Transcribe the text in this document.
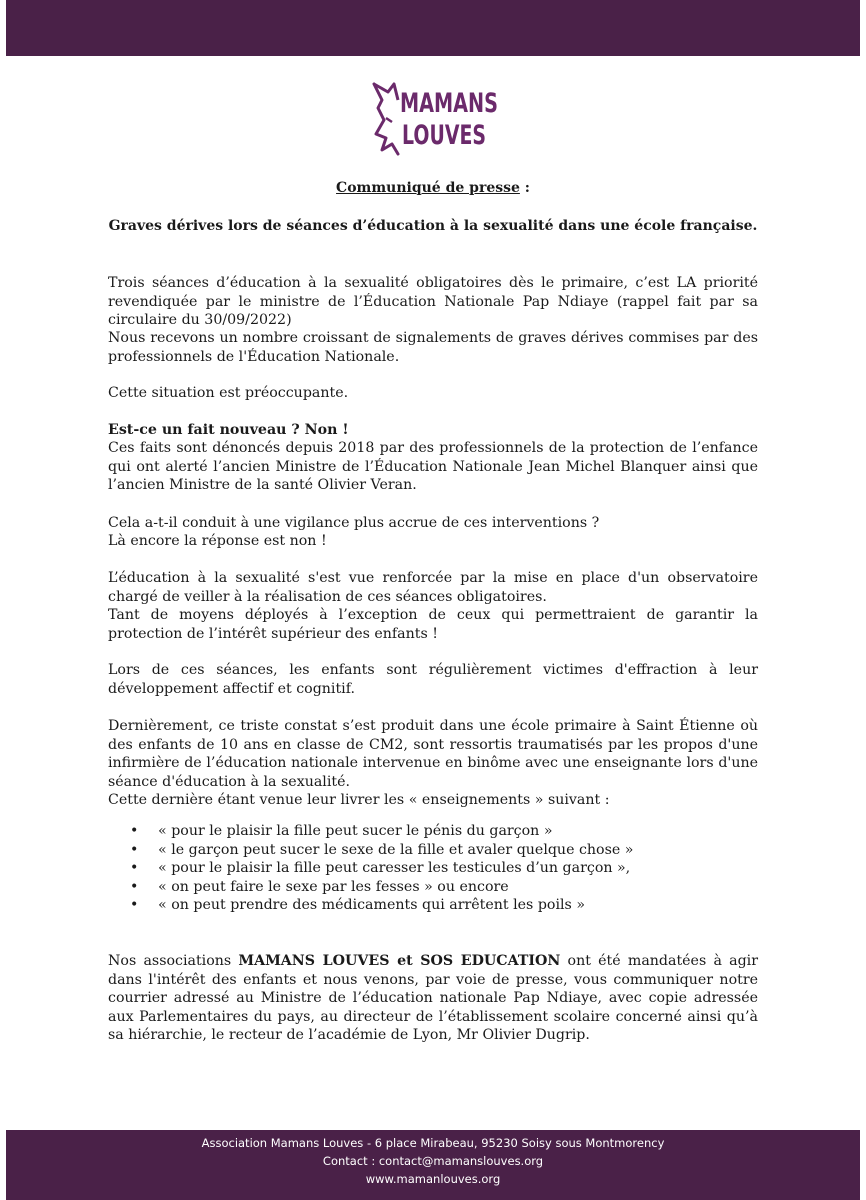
MAMANS
LOUVES
Communiqué de presse :
Graves dérives lors de séances d’éducation à la sexualité dans une école française.

Trois séances d’éducation à la sexualité obligatoires dès le primaire, c’est LA priorité revendiquée par le ministre de l’Éducation Nationale Pap Ndiaye (rappel fait par sa circulaire du 30/09/2022)

Nous recevons un nombre croissant de signalements de graves dérives commises par des professionnels de l'Éducation Nationale.

Cette situation est préoccupante.

Est-ce un fait nouveau ? Non !

Ces faits sont dénoncés depuis 2018 par des professionnels de la protection de l’enfance qui ont alerté l’ancien Ministre de l’Éducation Nationale Jean Michel Blanquer ainsi que l’ancien Ministre de la santé Olivier Veran.

Cela a-t-il conduit à une vigilance plus accrue de ces interventions ?

Là encore la réponse est non !

L’éducation à la sexualité s'est vue renforcée par la mise en place d'un observatoire chargé de veiller à la réalisation de ces séances obligatoires.

Tant de moyens déployés à l’exception de ceux qui permettraient de garantir la protection de l’intérêt supérieur des enfants !

Lors de ces séances, les enfants sont régulièrement victimes d'effraction à leur développement affectif et cognitif.

Dernièrement, ce triste constat s’est produit dans une école primaire à Saint Étienne où des enfants de 10 ans en classe de CM2, sont ressortis traumatisés par les propos d'une infirmière de l’éducation nationale intervenue en binôme avec une enseignante lors d'une séance d'éducation à la sexualité.

Cette dernière étant venue leur livrer les « enseignements » suivant :

• « pour le plaisir la fille peut sucer le pénis du garçon »
• « le garçon peut sucer le sexe de la fille et avaler quelque chose »
• « pour le plaisir la fille peut caresser les testicules d’un garçon »,
• « on peut faire le sexe par les fesses » ou encore
• « on peut prendre des médicaments qui arrêtent les poils »

Nos associations MAMANS LOUVES et SOS EDUCATION ont été mandatées à agir dans l'intérêt des enfants et nous venons, par voie de presse, vous communiquer notre courrier adressé au Ministre de l’éducation nationale Pap Ndiaye, avec copie adressée aux Parlementaires du pays, au directeur de l’établissement scolaire concerné ainsi qu’à sa hiérarchie, le recteur de l’académie de Lyon, Mr Olivier Dugrip.

Association Mamans Louves - 6 place Mirabeau, 95230 Soisy sous Montmorency
Contact : contact@mamanslouves.org
www.mamanlouves.org
